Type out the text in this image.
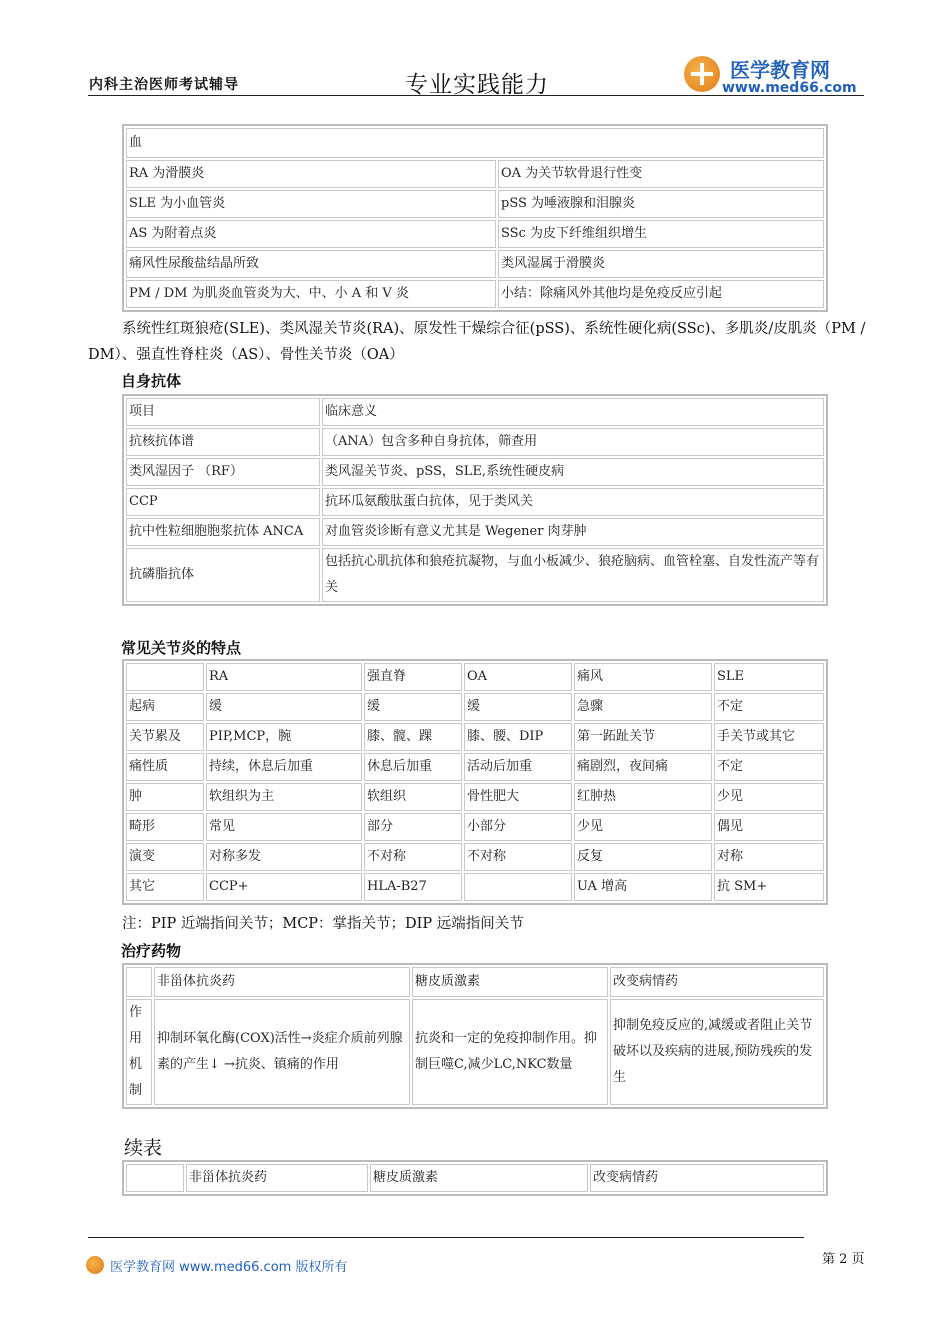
内科主治医师考试辅导	专业实践能力
医学教育网
www.med66.com
血	
RA 为滑膜炎	OA 为关节软骨退行性变
SLE 为小血管炎	pSS 为唾液腺和泪腺炎
AS 为附着点炎	SSc 为皮下纤维组织增生
痛风性尿酸盐结晶所致	类风湿属于滑膜炎
PM / DM 为肌炎血管炎为大、中、小 A 和 V 炎	小结：除痛风外其他均是免疫反应引起
系统性红斑狼疮(SLE)、类风湿关节炎(RA)、原发性干燥综合征(pSS)、系统性硬化病(SSc)、多肌炎/皮肌炎（PM / DM）、强直性脊柱炎（AS）、骨性关节炎（OA）
自身抗体
项目	临床意义
抗核抗体谱	（ANA）包含多种自身抗体，筛查用
类风湿因子 （RF）	类风湿关节炎、pSS，SLE,系统性硬皮病
CCP	抗环瓜氨酸肽蛋白抗体，见于类风关
抗中性粒细胞胞浆抗体 ANCA	对血管炎诊断有意义尤其是 Wegener 肉芽肿
抗磷脂抗体	包括抗心肌抗体和狼疮抗凝物，与血小板减少、狼疮脑病、血管栓塞、自发性流产等有关
常见关节炎的特点
	RA	强直脊	OA	痛风	SLE
起病	缓	缓	缓	急骤	不定
关节累及	PIP,MCP，腕	膝、髋、踝	膝、腰、DIP	第一跖趾关节	手关节或其它
痛性质	持续，休息后加重	休息后加重	活动后加重	痛剧烈，夜间痛	不定
肿	软组织为主	软组织	骨性肥大	红肿热	少见
畸形	常见	部分	小部分	少见	偶见
演变	对称多发	不对称	不对称	反复	对称
其它	CCP+	HLA-B27		UA 增高	抗 SM+
注：PIP 近端指间关节；MCP：掌指关节；DIP 远端指间关节
治疗药物
	非甾体抗炎药	糖皮质激素	改变病情药
作用机制	抑制环氧化酶(COX)活性→炎症介质前列腺素的产生↓ →抗炎、镇痛的作用	抗炎和一定的免疫抑制作用。抑制巨噬C,减少LC,NKC数量	抑制免疫反应的,减缓或者阻止关节破坏以及疾病的进展,预防残疾的发生
续表
	非甾体抗炎药	糖皮质激素	改变病情药
医学教育网 www.med66.com 版权所有
第 2 页
